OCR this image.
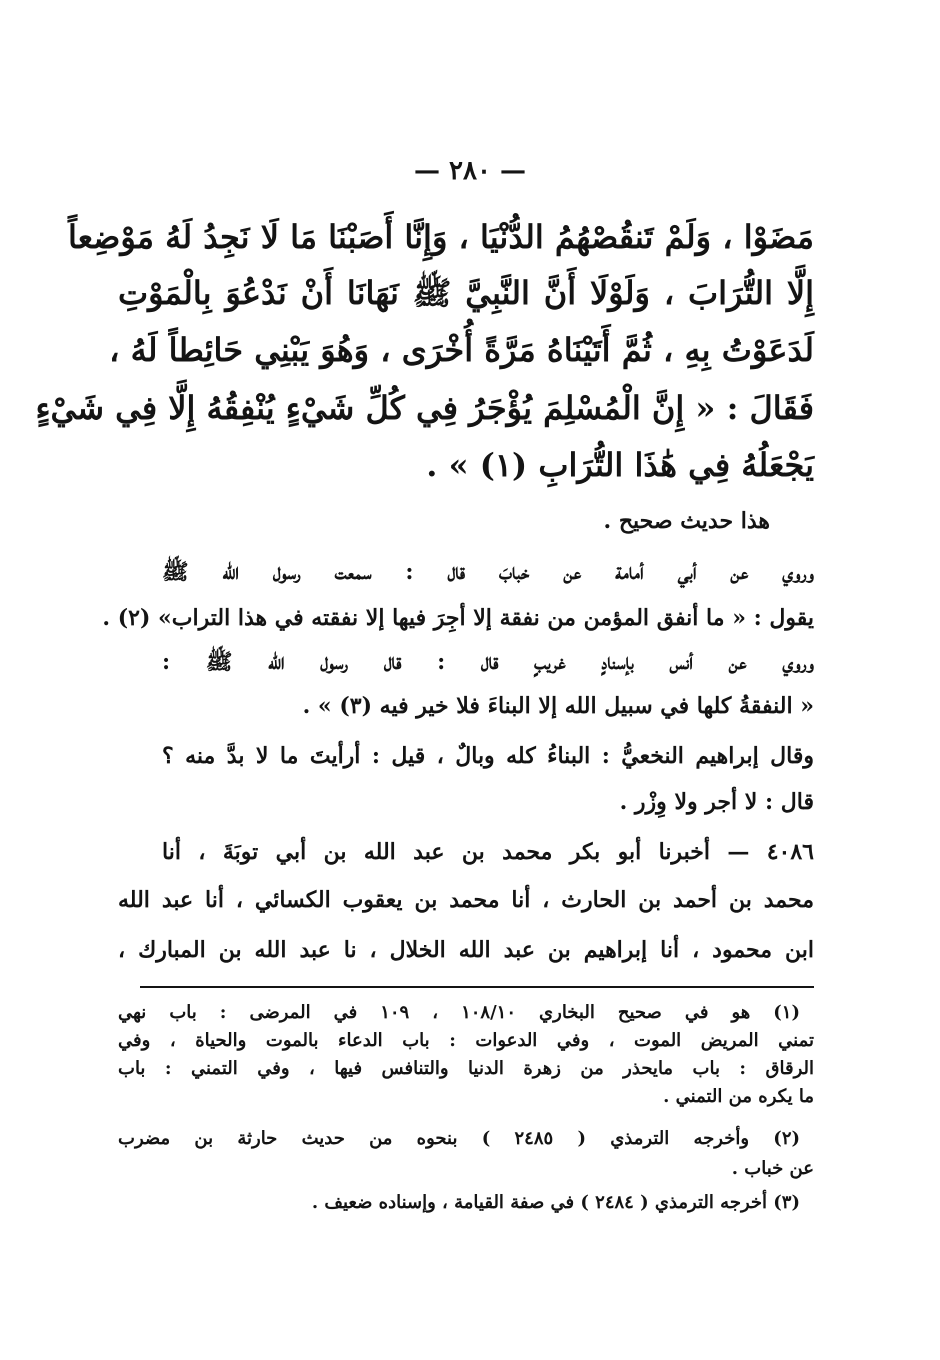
— ٢٨٠ —
مَضَوْا ، وَلَمْ تَنقُصْهُمُ الدُّنْيَا ، وَإِنَّا أَصَبْنَا مَا لَا نَجِدُ لَهُ مَوْضِعاً
إِلَّا التُّرَابَ ، وَلَوْلَا أَنَّ النَّبِيَّ ﷺ نَهَانَا أَنْ نَدْعُوَ بِالْمَوْتِ
لَدَعَوْتُ بِهِ ، ثُمَّ أَتَيْنَاهُ مَرَّةً أُخْرَى ، وَهُوَ يَبْنِي حَائِطاً لَهُ ،
فَقَالَ : « إِنَّ الْمُسْلِمَ يُؤْجَرُ فِي كُلِّ شَيْءٍ يُنْفِقُهُ إِلَّا فِي شَيْءٍ
يَجْعَلُهُ فِي هَٰذَا التُّرَابِ (١) » .
هذا حديث صحيح .
وروي عن أبي أمامة عن خبابَ قال : سمعت رسول الله ﷺ
يقول : « ما أنفق المؤمن من نفقة إلا أجِرَ فيها إلا نفقته في هذا التراب» (٢) .
وروي عن أنس بإسنادٍ غريبٍ قال : قال رسول الله ﷺ :
« النفقةُ كلها في سبيل الله إلا البناءَ فلا خير فيه (٣) » .
وقال إبراهيم النخعيُّ : البناءُ كله وبالٌ ، قيل : أرأيتَ ما لا بدَّ منه ؟
قال : لا أجر ولا وِزْر .
٤٠٨٦ — أخبرنا أبو بكر محمد بن عبد الله بن أبي توبَةَ ، أنا
محمد بن أحمد بن الحارث ، أنا محمد بن يعقوب الكسائي ، أنا عبد الله
ابن محمود ، أنا إبراهيم بن عبد الله الخلال ، نا عبد الله بن المبارك ،
(١) هو في صحيح البخاري ١٠٨/١٠ ، ١٠٩ في المرضى : باب نهي
تمني المريض الموت ، وفي الدعوات : باب الدعاء بالموت والحياة ، وفي
الرقاق : باب مايحذر من زهرة الدنيا والتنافس فيها ، وفي التمني : باب
ما يكره من التمني .
(٢) وأخرجه الترمذي ( ٢٤٨٥ ) بنحوه من حديث حارثة بن مضرب
عن خباب .
(٣) أخرجه الترمذي ( ٢٤٨٤ ) في صفة القيامة ، وإسناده ضعيف .
